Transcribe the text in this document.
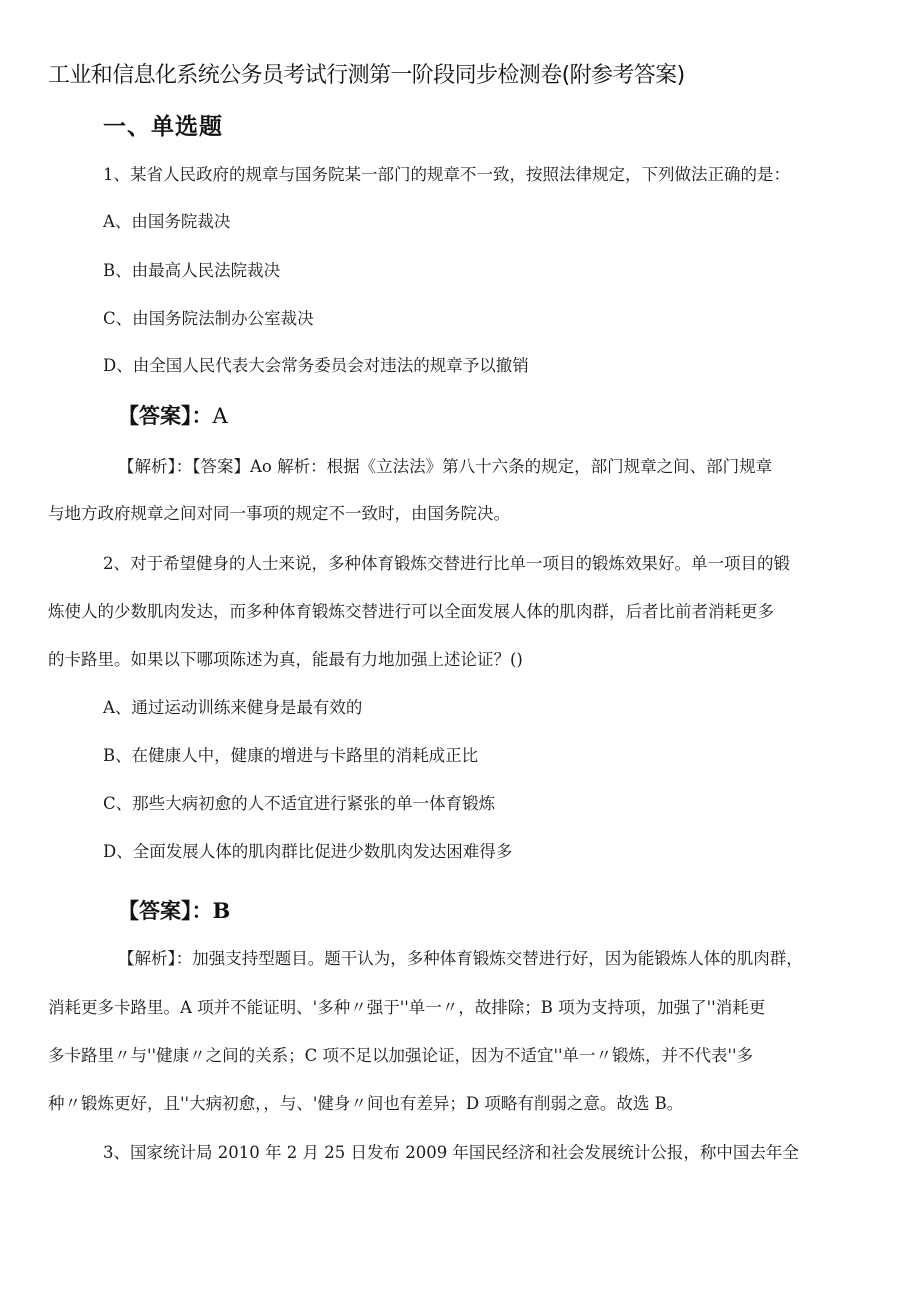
工业和信息化系统公务员考试行测第一阶段同步检测卷(附参考答案)
一、单选题
1、某省人民政府的规章与国务院某一部门的规章不一致，按照法律规定，下列做法正确的是：
A、由国务院裁决
B、由最高人民法院裁决
C、由国务院法制办公室裁决
D、由全国人民代表大会常务委员会对违法的规章予以撤销
【答案】：A
【解析】：【答案】Ao 解析：根据《立法法》第八十六条的规定，部门规章之间、部门规章
与地方政府规章之间对同一事项的规定不一致时，由国务院决。
2、对于希望健身的人士来说，多种体育锻炼交替进行比单一项目的锻炼效果好。单一项目的锻
炼使人的少数肌肉发达，而多种体育锻炼交替进行可以全面发展人体的肌肉群，后者比前者消耗更多
的卡路里。如果以下哪项陈述为真，能最有力地加强上述论证？()
A、通过运动训练来健身是最有效的
B、在健康人中，健康的增进与卡路里的消耗成正比
C、那些大病初愈的人不适宜进行紧张的单一体育锻炼
D、全面发展人体的肌肉群比促进少数肌肉发达困难得多
【答案】：B
【解析】：加强支持型题目。题干认为，多种体育锻炼交替进行好，因为能锻炼人体的肌肉群，
消耗更多卡路里。A 项并不能证明、'多种〃强于''单一〃，故排除；B 项为支持项，加强了''消耗更
多卡路里〃与''健康〃之间的关系；C 项不足以加强论证，因为不适宜''单一〃锻炼，并不代表''多
种〃锻炼更好，且''大病初愈，，与、'健身〃间也有差异；D 项略有削弱之意。故选 B。
3、国家统计局 2010 年 2 月 25 日发布 2009 年国民经济和社会发展统计公报，称中国去年全
